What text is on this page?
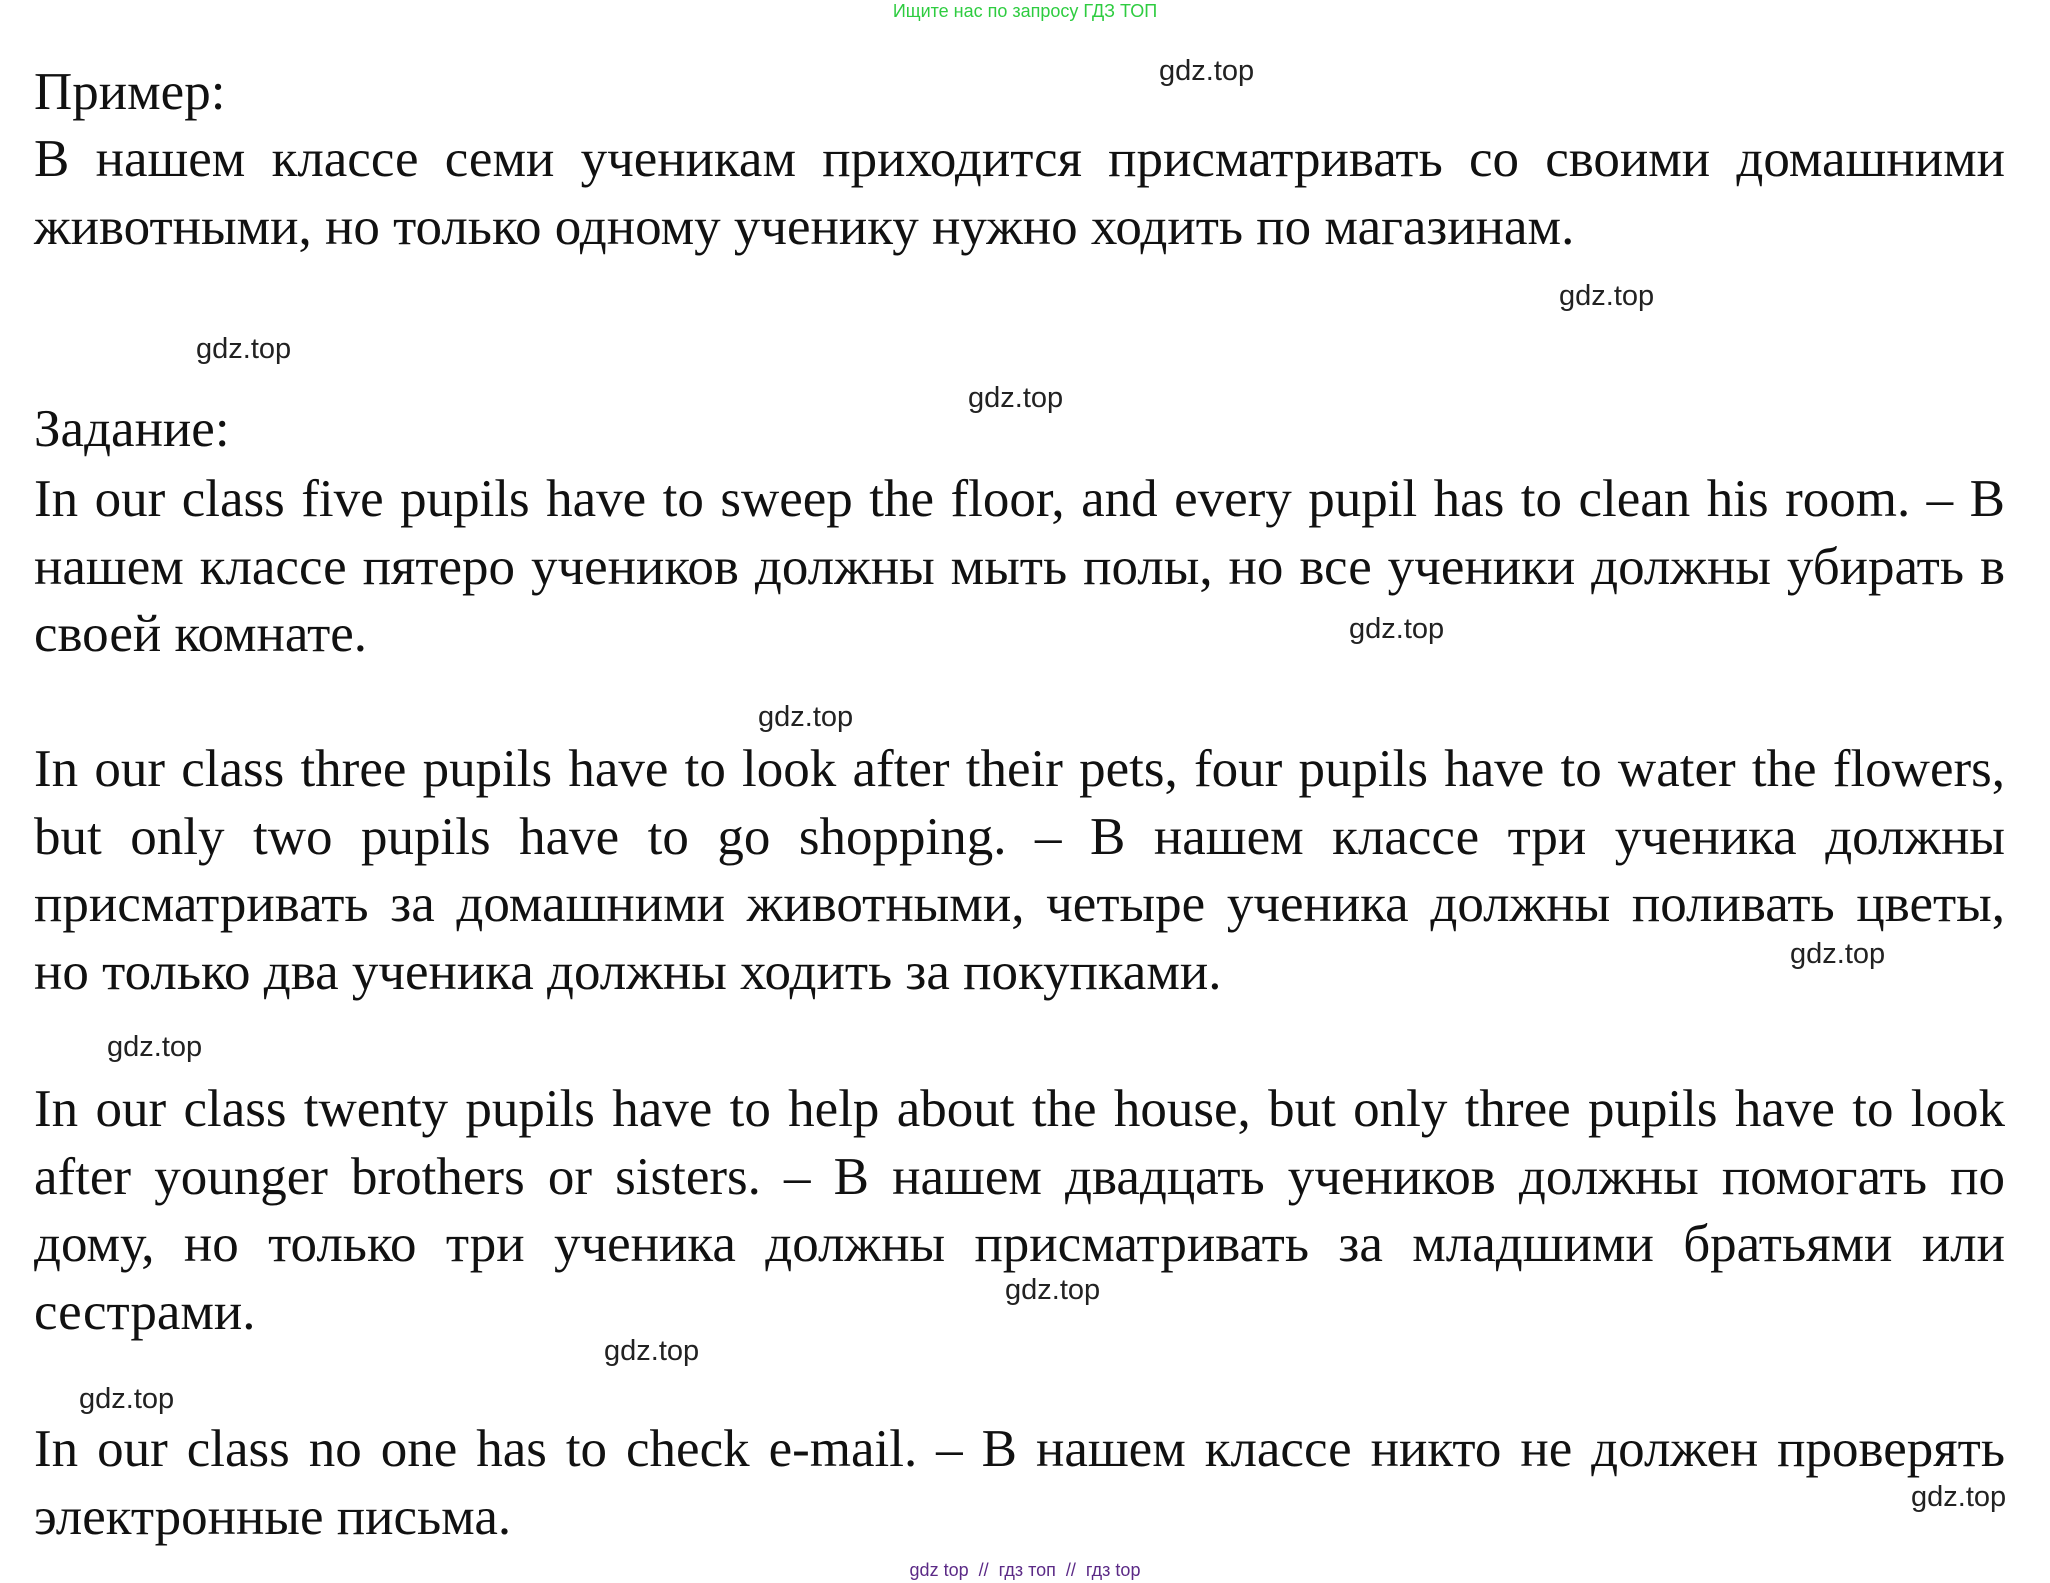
Ищите нас по запросу ГДЗ ТОП
Пример:

В нашем классе семи ученикам приходится присматривать со своими домашними животными, но только одному ученику нужно ходить по магазинам.

Задание:

In our class five pupils have to sweep the floor, and every pupil has to clean his room. – В нашем классе пятеро учеников должны мыть полы, но все ученики должны убирать в своей комнате.

In our class three pupils have to look after their pets, four pupils have to water the flowers, but only two pupils have to go shopping. – В нашем классе три ученика должны присматривать за домашними животными, четыре ученика должны поливать цветы, но только два ученика должны ходить за покупками.

In our class twenty pupils have to help about the house, but only three pupils have to look after younger brothers or sisters. – В нашем двадцать учеников должны помогать по дому, но только три ученика должны присматривать за младшими братьями или сестрами.

In our class no one has to check e-mail. – В нашем классе никто не должен проверять электронные письма.

gdz.top
gdz.top
gdz.top
gdz.top
gdz.top
gdz.top
gdz.top
gdz.top
gdz.top
gdz.top
gdz.top
gdz.top
gdz top  //  гдз топ  //  гдз top
